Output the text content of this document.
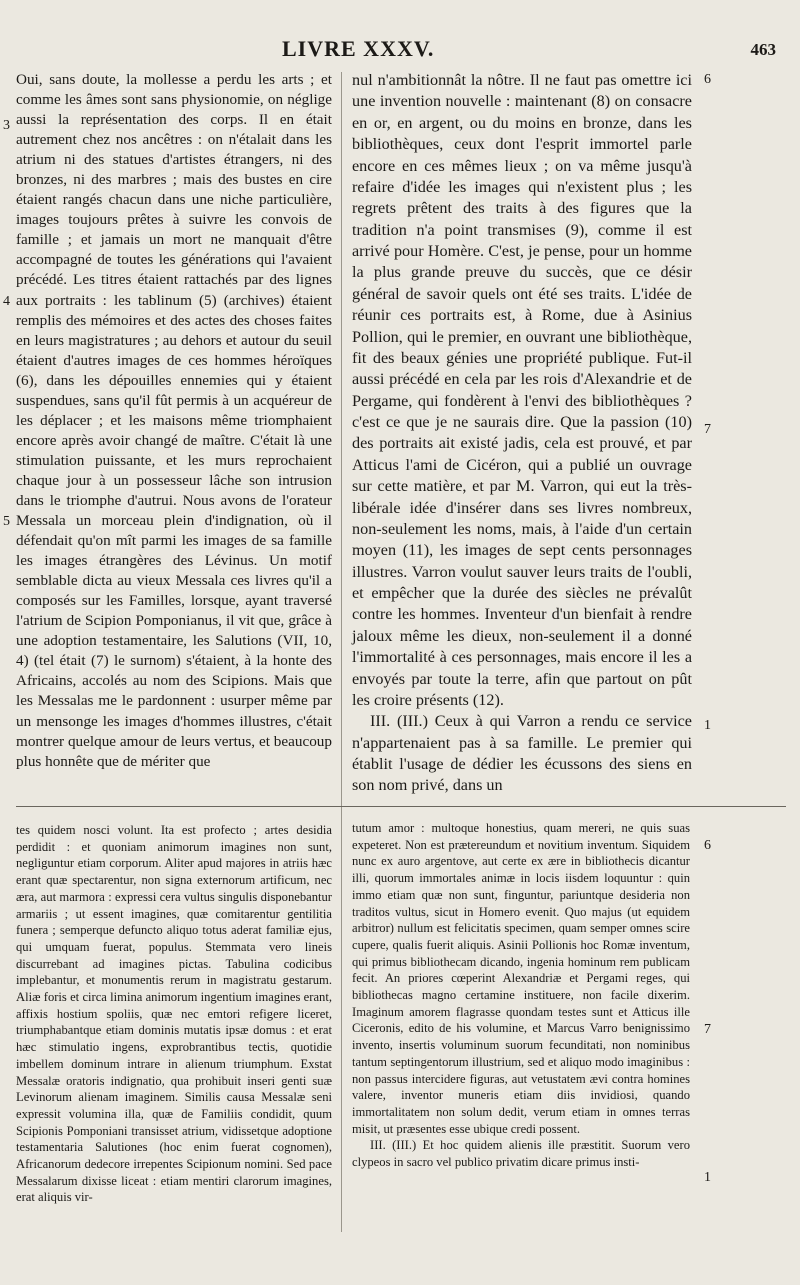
LIVRE XXXV.	463
3
4
5
6
7
1
6
7
1

Oui, sans doute, la mollesse a perdu les arts ; et comme les âmes sont sans physionomie, on néglige aussi la représentation des corps. Il en était autrement chez nos ancêtres : on n'étalait dans les atrium ni des statues d'artistes étrangers, ni des bronzes, ni des marbres ; mais des bustes en cire étaient rangés chacun dans une niche particulière, images toujours prêtes à suivre les convois de famille ; et jamais un mort ne manquait d'être accompagné de toutes les générations qui l'avaient précédé. Les titres étaient rattachés par des lignes aux portraits : les tablinum (5) (archives) étaient remplis des mémoires et des actes des choses faites en leurs magistratures ; au dehors et autour du seuil étaient d'autres images de ces hommes héroïques (6), dans les dépouilles ennemies qui y étaient suspendues, sans qu'il fût permis à un acquéreur de les déplacer ; et les maisons même triomphaient encore après avoir changé de maître. C'était là une stimulation puissante, et les murs reprochaient chaque jour à un possesseur lâche son intrusion dans le triomphe d'autrui. Nous avons de l'orateur Messala un morceau plein d'indignation, où il défendait qu'on mît parmi les images de sa famille les images étrangères des Lévinus. Un motif semblable dicta au vieux Messala ces livres qu'il a composés sur les Familles, lorsque, ayant traversé l'atrium de Scipion Pomponianus, il vit que, grâce à une adoption testamentaire, les Salutions (VII, 10, 4) (tel était (7) le surnom) s'étaient, à la honte des Africains, accolés au nom des Scipions. Mais que les Messalas me le pardonnent : usurper même par un mensonge les images d'hommes illustres, c'était montrer quelque amour de leurs vertus, et beaucoup plus honnête que de mériter que

nul n'ambitionnât la nôtre. Il ne faut pas omettre ici une invention nouvelle : maintenant (8) on consacre en or, en argent, ou du moins en bronze, dans les bibliothèques, ceux dont l'esprit immortel parle encore en ces mêmes lieux ; on va même jusqu'à refaire d'idée les images qui n'existent plus ; les regrets prêtent des traits à des figures que la tradition n'a point transmises (9), comme il est arrivé pour Homère. C'est, je pense, pour un homme la plus grande preuve du succès, que ce désir général de savoir quels ont été ses traits. L'idée de réunir ces portraits est, à Rome, due à Asinius Pollion, qui le premier, en ouvrant une bibliothèque, fit des beaux génies une propriété publique. Fut-il aussi précédé en cela par les rois d'Alexandrie et de Pergame, qui fondèrent à l'envi des bibliothèques ? c'est ce que je ne saurais dire. Que la passion (10) des portraits ait existé jadis, cela est prouvé, et par Atticus l'ami de Cicéron, qui a publié un ouvrage sur cette matière, et par M. Varron, qui eut la très-libérale idée d'insérer dans ses livres nombreux, non-seulement les noms, mais, à l'aide d'un certain moyen (11), les images de sept cents personnages illustres. Varron voulut sauver leurs traits de l'oubli, et empêcher que la durée des siècles ne prévalût contre les hommes. Inventeur d'un bienfait à rendre jaloux même les dieux, non-seulement il a donné l'immortalité à ces personnages, mais encore il les a envoyés par toute la terre, afin que partout on pût les croire présents (12).

III. (III.) Ceux à qui Varron a rendu ce service n'appartenaient pas à sa famille. Le premier qui établit l'usage de dédier les écussons des siens en son nom privé, dans un

tes quidem nosci volunt. Ita est profecto ; artes desidia perdidit : et quoniam animorum imagines non sunt, negliguntur etiam corporum. Aliter apud majores in atriis hæc erant quæ spectarentur, non signa externorum artificum, nec æra, aut marmora : expressi cera vultus singulis disponebantur armariis ; ut essent imagines, quæ comitarentur gentilitia funera ; semperque defuncto aliquo totus aderat familiæ ejus, qui umquam fuerat, populus. Stemmata vero lineis discurrebant ad imagines pictas. Tabulina codicibus implebantur, et monumentis rerum in magistratu gestarum. Aliæ foris et circa limina animorum ingentium imagines erant, affixis hostium spoliis, quæ nec emtori refigere liceret, triumphabantque etiam dominis mutatis ipsæ domus : et erat hæc stimulatio ingens, exprobrantibus tectis, quotidie imbellem dominum intrare in alienum triumphum. Exstat Messalæ oratoris indignatio, qua prohibuit inseri genti suæ Levinorum alienam imaginem. Similis causa Messalæ seni expressit volumina illa, quæ de Familiis condidit, quum Scipionis Pomponiani transisset atrium, vidissetque adoptione testamentaria Salutiones (hoc enim fuerat cognomen), Africanorum dedecore irrepentes Scipionum nomini. Sed pace Messalarum dixisse liceat : etiam mentiri clarorum imagines, erat aliquis vir-

tutum amor : multoque honestius, quam mereri, ne quis suas expeteret. Non est prætereundum et novitium inventum. Siquidem nunc ex auro argentove, aut certe ex ære in bibliothecis dicantur illi, quorum immortales animæ in locis iisdem loquuntur : quin immo etiam quæ non sunt, finguntur, pariuntque desideria non traditos vultus, sicut in Homero evenit. Quo majus (ut equidem arbitror) nullum est felicitatis specimen, quam semper omnes scire cupere, qualis fuerit aliquis. Asinii Pollionis hoc Romæ inventum, qui primus bibliothecam dicando, ingenia hominum rem publicam fecit. An priores cœperint Alexandriæ et Pergami reges, qui bibliothecas magno certamine instituere, non facile dixerim. Imaginum amorem flagrasse quondam testes sunt et Atticus ille Ciceronis, edito de his volumine, et Marcus Varro benignissimo invento, insertis voluminum suorum fecunditati, non nominibus tantum septingentorum illustrium, sed et aliquo modo imaginibus : non passus intercidere figuras, aut vetustatem ævi contra homines valere, inventor muneris etiam diis invidiosi, quando immortalitatem non solum dedit, verum etiam in omnes terras misit, ut præsentes esse ubique credi possent.

III. (III.) Et hoc quidem alienis ille præstitit. Suorum vero clypeos in sacro vel publico privatim dicare primus insti-
